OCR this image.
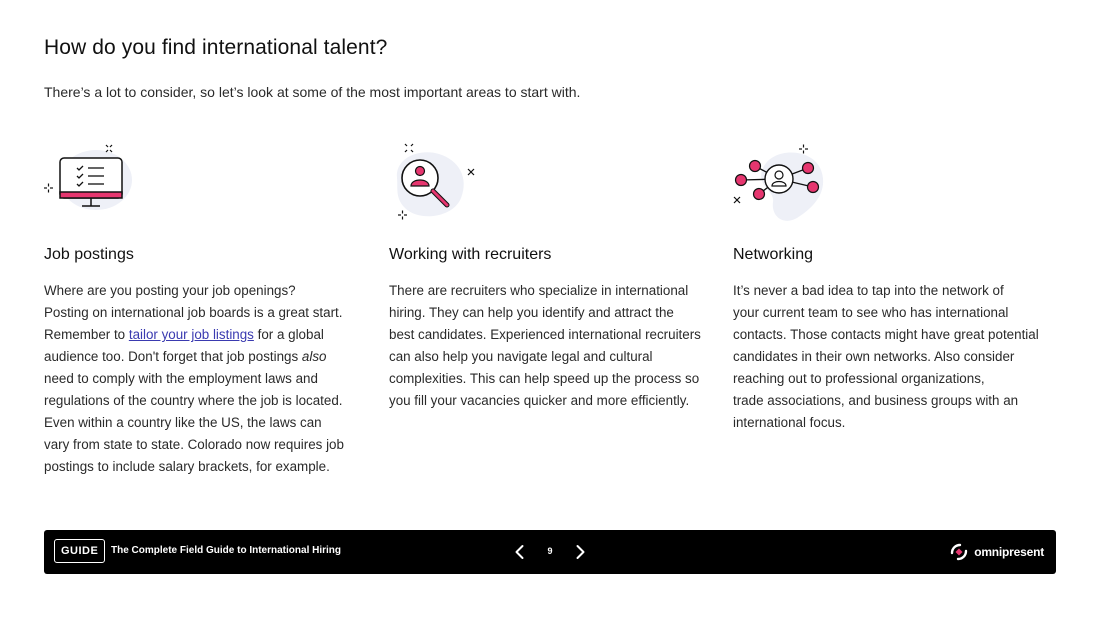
How do you find international talent?

There’s a lot to consider, so let’s look at some of the most important areas to start with.

Job postings

Where are you posting your job openings?
Posting on international job boards is a great start.
Remember to tailor your job listings for a global
audience too. Don't forget that job postings also
need to comply with the employment laws and
regulations of the country where the job is located.
Even within a country like the US, the laws can
vary from state to state. Colorado now requires job
postings to include salary brackets, for example.

Working with recruiters

There are recruiters who specialize in international
hiring. They can help you identify and attract the
best candidates. Experienced international recruiters
can also help you navigate legal and cultural
complexities. This can help speed up the process so
you fill your vacancies quicker and more efficiently.

Networking

It’s never a bad idea to tap into the network of
your current team to see who has international
contacts. Those contacts might have great potential
candidates in their own networks. Also consider
reaching out to professional organizations,
trade associations, and business groups with an
international focus.

GUIDE	The Complete Field Guide to International Hiring	9	omnipresent
